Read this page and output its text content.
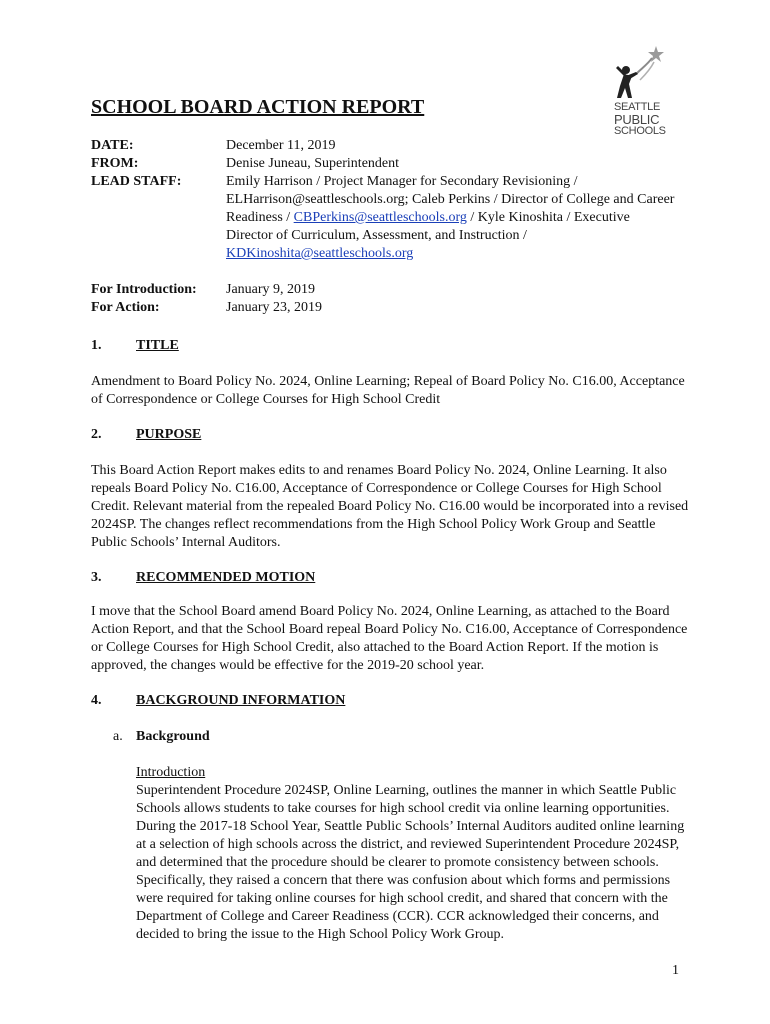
SEATTLE
PUBLIC
SCHOOLS
SCHOOL BOARD ACTION REPORT
DATE:	December 11, 2019
FROM:	Denise Juneau, Superintendent
LEAD STAFF:	Emily Harrison / Project Manager for Secondary Revisioning / ELHarrison@seattleschools.org; Caleb Perkins / Director of College and Career Readiness / CBPerkins@seattleschools.org / Kyle Kinoshita / Executive Director of Curriculum, Assessment, and Instruction / KDKinoshita@seattleschools.org
For Introduction:	January 9, 2019
For Action:	January 23, 2019
1. TITLE
Amendment to Board Policy No. 2024, Online Learning; Repeal of Board Policy No. C16.00, Acceptance of Correspondence or College Courses for High School Credit
2. PURPOSE
This Board Action Report makes edits to and renames Board Policy No. 2024, Online Learning. It also repeals Board Policy No. C16.00, Acceptance of Correspondence or College Courses for High School Credit. Relevant material from the repealed Board Policy No. C16.00 would be incorporated into a revised 2024SP. The changes reflect recommendations from the High School Policy Work Group and Seattle Public Schools’ Internal Auditors.
3. RECOMMENDED MOTION
I move that the School Board amend Board Policy No. 2024, Online Learning, as attached to the Board Action Report, and that the School Board repeal Board Policy No. C16.00, Acceptance of Correspondence or College Courses for High School Credit, also attached to the Board Action Report. If the motion is approved, the changes would be effective for the 2019-20 school year.
4. BACKGROUND INFORMATION
a. Background
Introduction
Superintendent Procedure 2024SP, Online Learning, outlines the manner in which Seattle Public Schools allows students to take courses for high school credit via online learning opportunities. During the 2017-18 School Year, Seattle Public Schools’ Internal Auditors audited online learning at a selection of high schools across the district, and reviewed Superintendent Procedure 2024SP, and determined that the procedure should be clearer to promote consistency between schools. Specifically, they raised a concern that there was confusion about which forms and permissions were required for taking online courses for high school credit, and shared that concern with the Department of College and Career Readiness (CCR). CCR acknowledged their concerns, and decided to bring the issue to the High School Policy Work Group.
1
